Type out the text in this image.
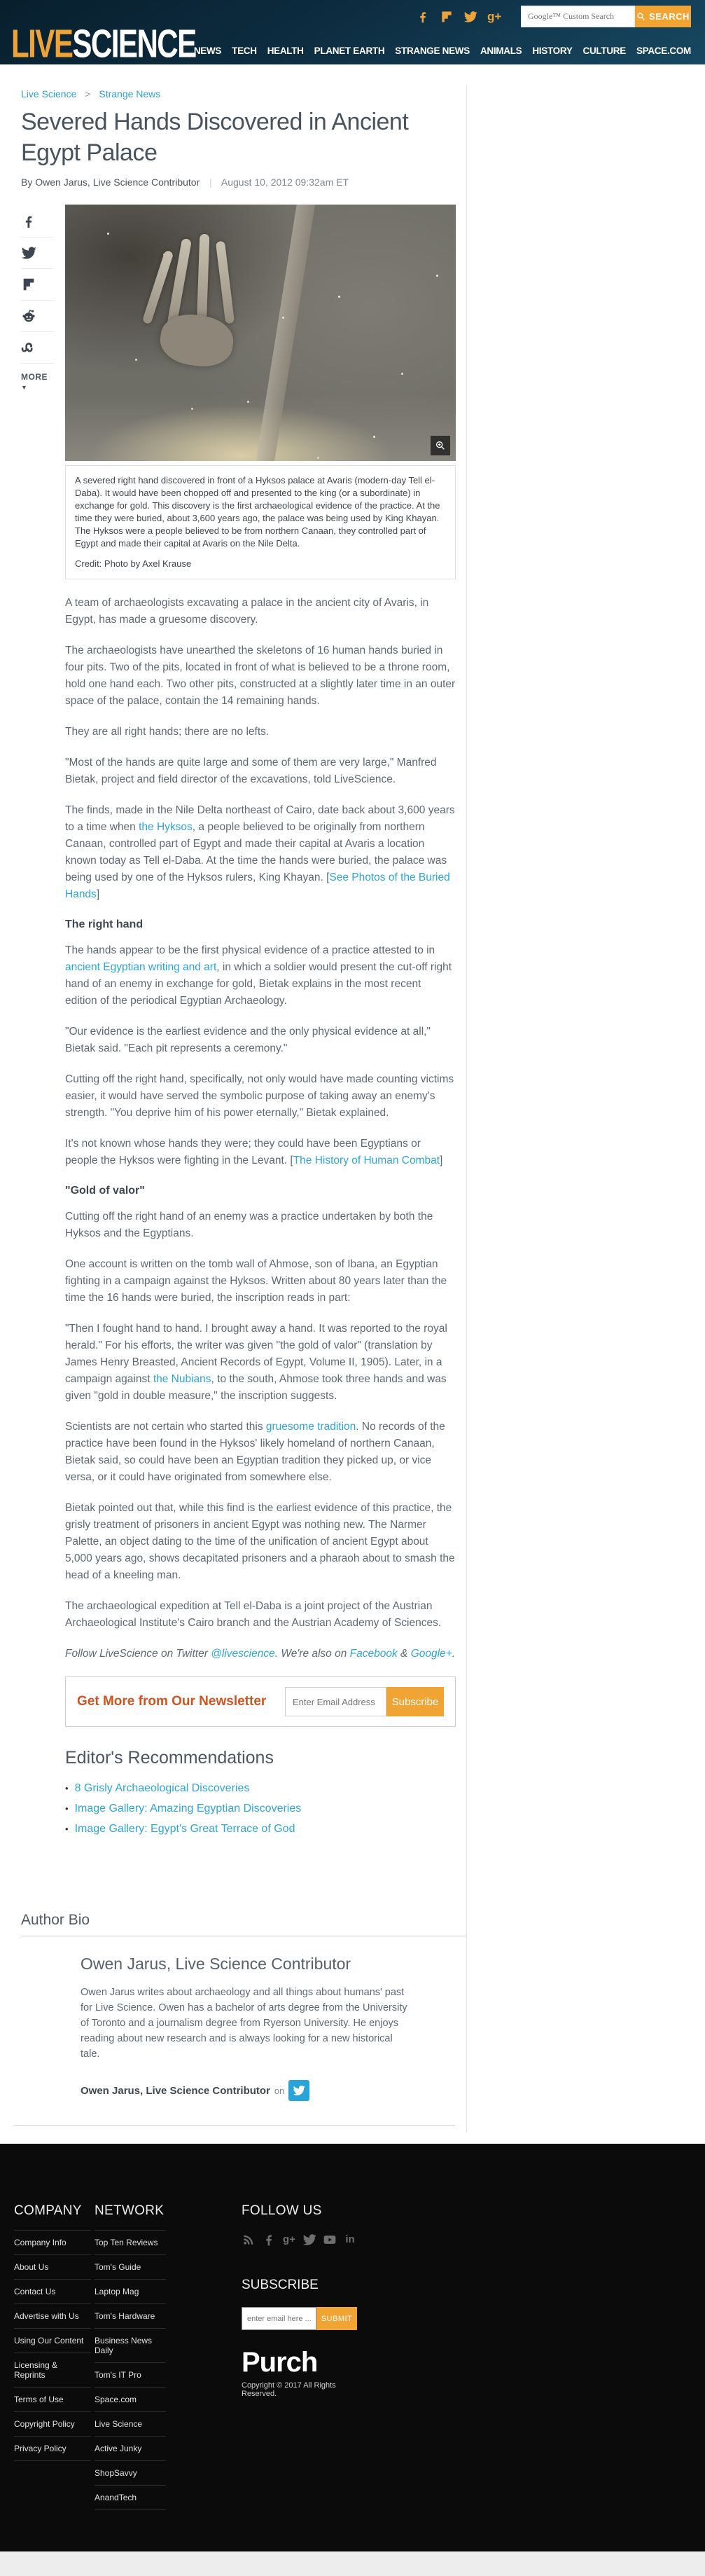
LIVESCIENCE
g+
Google™ Custom Search	SEARCH
NEWS TECH HEALTH PLANET EARTH STRANGE NEWS ANIMALS HISTORY CULTURE SPACE.COM
Live Science > Strange News
Severed Hands Discovered in Ancient Egypt Palace
By Owen Jarus, Live Science Contributor | August 10, 2012 09:32am ET
MORE ▼
A severed right hand discovered in front of a Hyksos palace at Avaris (modern-day Tell el-Daba). It would have been chopped off and presented to the king (or a subordinate) in exchange for gold. This discovery is the first archaeological evidence of the practice. At the time they were buried, about 3,600 years ago, the palace was being used by King Khayan. The Hyksos were a people believed to be from northern Canaan, they controlled part of Egypt and made their capital at Avaris on the Nile Delta.
Credit: Photo by Axel Krause

A team of archaeologists excavating a palace in the ancient city of Avaris, in Egypt, has made a gruesome discovery.

The archaeologists have unearthed the skeletons of 16 human hands buried in four pits. Two of the pits, located in front of what is believed to be a throne room, hold one hand each. Two other pits, constructed at a slightly later time in an outer space of the palace, contain the 14 remaining hands.

They are all right hands; there are no lefts.

"Most of the hands are quite large and some of them are very large," Manfred Bietak, project and field director of the excavations, told LiveScience.

The finds, made in the Nile Delta northeast of Cairo, date back about 3,600 years to a time when the Hyksos, a people believed to be originally from northern Canaan, controlled part of Egypt and made their capital at Avaris a location known today as Tell el-Daba. At the time the hands were buried, the palace was being used by one of the Hyksos rulers, King Khayan. [See Photos of the Buried Hands]

The right hand

The hands appear to be the first physical evidence of a practice attested to in ancient Egyptian writing and art, in which a soldier would present the cut-off right hand of an enemy in exchange for gold, Bietak explains in the most recent edition of the periodical Egyptian Archaeology.

"Our evidence is the earliest evidence and the only physical evidence at all," Bietak said. "Each pit represents a ceremony."

Cutting off the right hand, specifically, not only would have made counting victims easier, it would have served the symbolic purpose of taking away an enemy's strength. "You deprive him of his power eternally," Bietak explained.

It's not known whose hands they were; they could have been Egyptians or people the Hyksos were fighting in the Levant. [The History of Human Combat]

"Gold of valor"

Cutting off the right hand of an enemy was a practice undertaken by both the Hyksos and the Egyptians.

One account is written on the tomb wall of Ahmose, son of Ibana, an Egyptian fighting in a campaign against the Hyksos. Written about 80 years later than the time the 16 hands were buried, the inscription reads in part:

"Then I fought hand to hand. I brought away a hand. It was reported to the royal herald." For his efforts, the writer was given "the gold of valor" (translation by James Henry Breasted, Ancient Records of Egypt, Volume II, 1905). Later, in a campaign against the Nubians, to the south, Ahmose took three hands and was given "gold in double measure," the inscription suggests.

Scientists are not certain who started this gruesome tradition. No records of the practice have been found in the Hyksos' likely homeland of northern Canaan, Bietak said, so could have been an Egyptian tradition they picked up, or vice versa, or it could have originated from somewhere else.

Bietak pointed out that, while this find is the earliest evidence of this practice, the grisly treatment of prisoners in ancient Egypt was nothing new. The Narmer Palette, an object dating to the time of the unification of ancient Egypt about 5,000 years ago, shows decapitated prisoners and a pharaoh about to smash the head of a kneeling man.

The archaeological expedition at Tell el-Daba is a joint project of the Austrian Archaeological Institute's Cairo branch and the Austrian Academy of Sciences.

Follow LiveScience on Twitter @livescience. We're also on Facebook & Google+.

Get More from Our Newsletter
Enter Email Address	Subscribe
Editor's Recommendations
• 8 Grisly Archaeological Discoveries
• Image Gallery: Amazing Egyptian Discoveries
• Image Gallery: Egypt's Great Terrace of God
Author Bio
Owen Jarus, Live Science Contributor
Owen Jarus writes about archaeology and all things about humans' past for Live Science. Owen has a bachelor of arts degree from the University of Toronto and a journalism degree from Ryerson University. He enjoys reading about new research and is always looking for a new historical tale.
Owen Jarus, Live Science Contributor on
COMPANY
Company Info
About Us
Contact Us
Advertise with Us
Using Our Content
Licensing & Reprints
Terms of Use
Copyright Policy
Privacy Policy
NETWORK
Top Ten Reviews
Tom's Guide
Laptop Mag
Tom's Hardware
Business News Daily
Tom's IT Pro
Space.com
Live Science
Active Junky
ShopSavvy
AnandTech
FOLLOW US
g+	in
SUBSCRIBE
enter email here ...
SUBMIT
Purch
Copyright © 2017 All Rights Reserved.
